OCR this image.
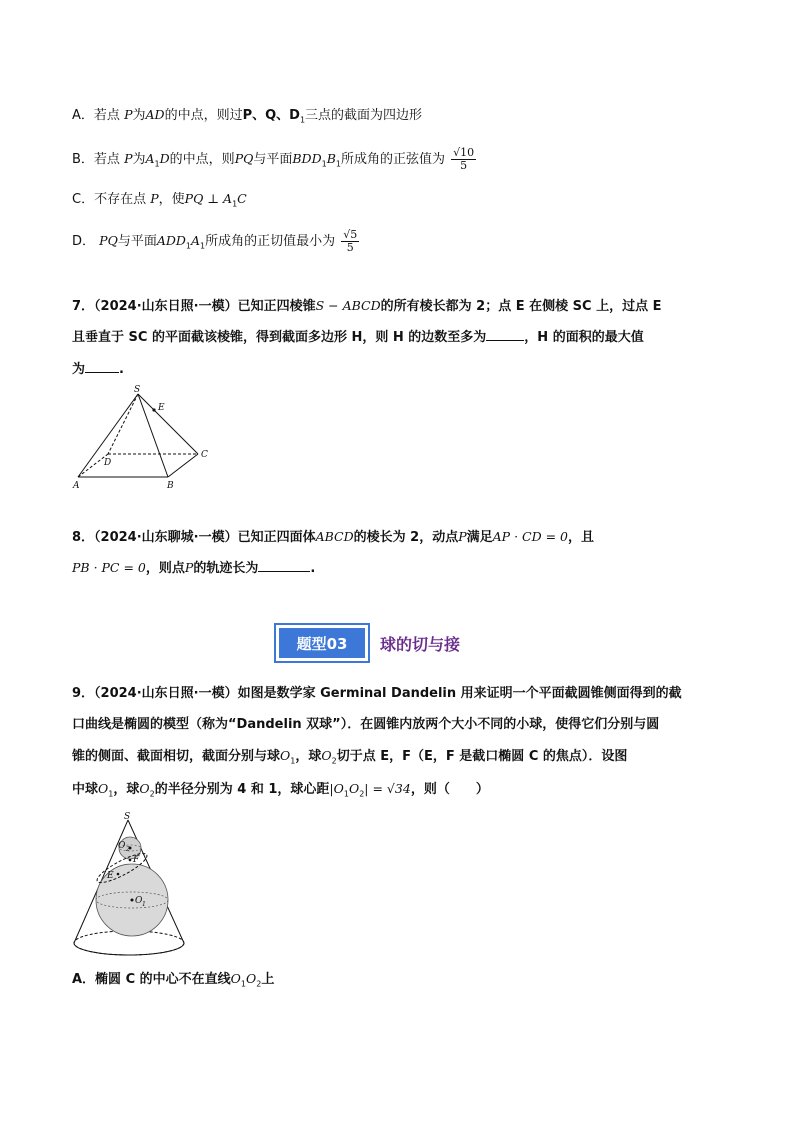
A．若点 P为AD的中点，则过P、Q、$D_1$三点的截面为四边形
B．若点 P为$A_1D$的中点，则PQ与平面$BDD_1B_1$所成角的正弦值为 $\frac{√10}{5}$
C．不存在点 P，使PQ ⊥ $A_1C$
D． PQ与平面$ADD_1A_1$所成角的正切值最小为 $\frac{√5}{5}$
7．（2024·山东日照·一模）已知正四棱锥S − ABCD的所有棱长都为 2；点 E 在侧棱 SC 上，过点 E
且垂直于 SC 的平面截该棱锥，得到截面多边形 H，则 H 的边数至多为	，H 的面积的最大值
为	.
S
E
D
C
A	B
8．（2024·山东聊城·一模）已知正四面体ABCD的棱长为 2，动点P满足AP · CD = 0，且
PB · PC = 0，则点P的轨迹长为	.
题型03	球的切与接
9．（2024·山东日照·一模）如图是数学家 Germinal Dandelin 用来证明一个平面截圆锥侧面得到的截
口曲线是椭圆的模型（称为“Dandelin 双球”）．在圆锥内放两个大小不同的小球，使得它们分别与圆
锥的侧面、截面相切，截面分别与球$O_1$，球$O_2$切于点 E，F（E，F 是截口椭圆 C 的焦点）．设图
中球$O_1$，球$O_2$的半径分别为 4 和 1，球心距$|O_1O_2| = √34$，则（　　）
S
O 2
E
F
O 1
A．椭圆 C 的中心不在直线$O_1O_2$上
